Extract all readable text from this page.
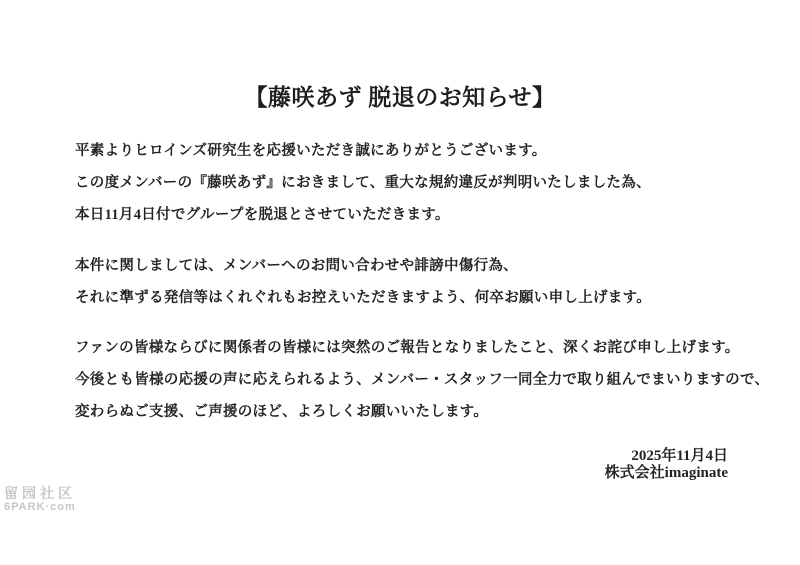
【藤咲あず 脱退のお知らせ】

平素よりヒロインズ研究生を応援いただき誠にありがとうございます。
この度メンバーの『藤咲あず』におきまして、重大な規約違反が判明いたしました為、
本日11月4日付でグループを脱退とさせていただきます。

本件に関しましては、メンバーへのお問い合わせや誹謗中傷行為、
それに準ずる発信等はくれぐれもお控えいただきますよう、何卒お願い申し上げます。

ファンの皆様ならびに関係者の皆様には突然のご報告となりましたこと、深くお詫び申し上げます。
今後とも皆様の応援の声に応えられるよう、メンバー・スタッフ一同全力で取り組んでまいりますので、
変わらぬご支援、ご声援のほど、よろしくお願いいたします。

2025年11月4日
株式会社imaginate
留园社区
6PARK·com
